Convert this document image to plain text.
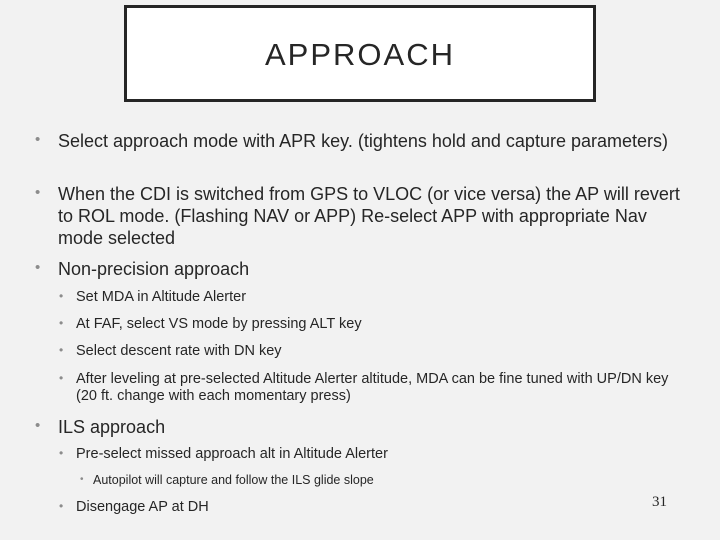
APPROACH
• Select approach mode with APR key. (tightens hold and capture parameters)
• When the CDI is switched from GPS to VLOC (or vice versa) the AP will revert to ROL mode. (Flashing NAV or APP) Re-select APP with appropriate Nav mode selected
• Non-precision approach
• Set MDA in Altitude Alerter
• At FAF, select VS mode by pressing ALT key
• Select descent rate with DN key
• After leveling at pre-selected Altitude Alerter altitude, MDA can be fine tuned with UP/DN key (20 ft. change with each momentary press)
• ILS approach
• Pre-select missed approach alt in Altitude Alerter
• Autopilot will capture and follow the ILS glide slope
• Disengage AP at DH	31
